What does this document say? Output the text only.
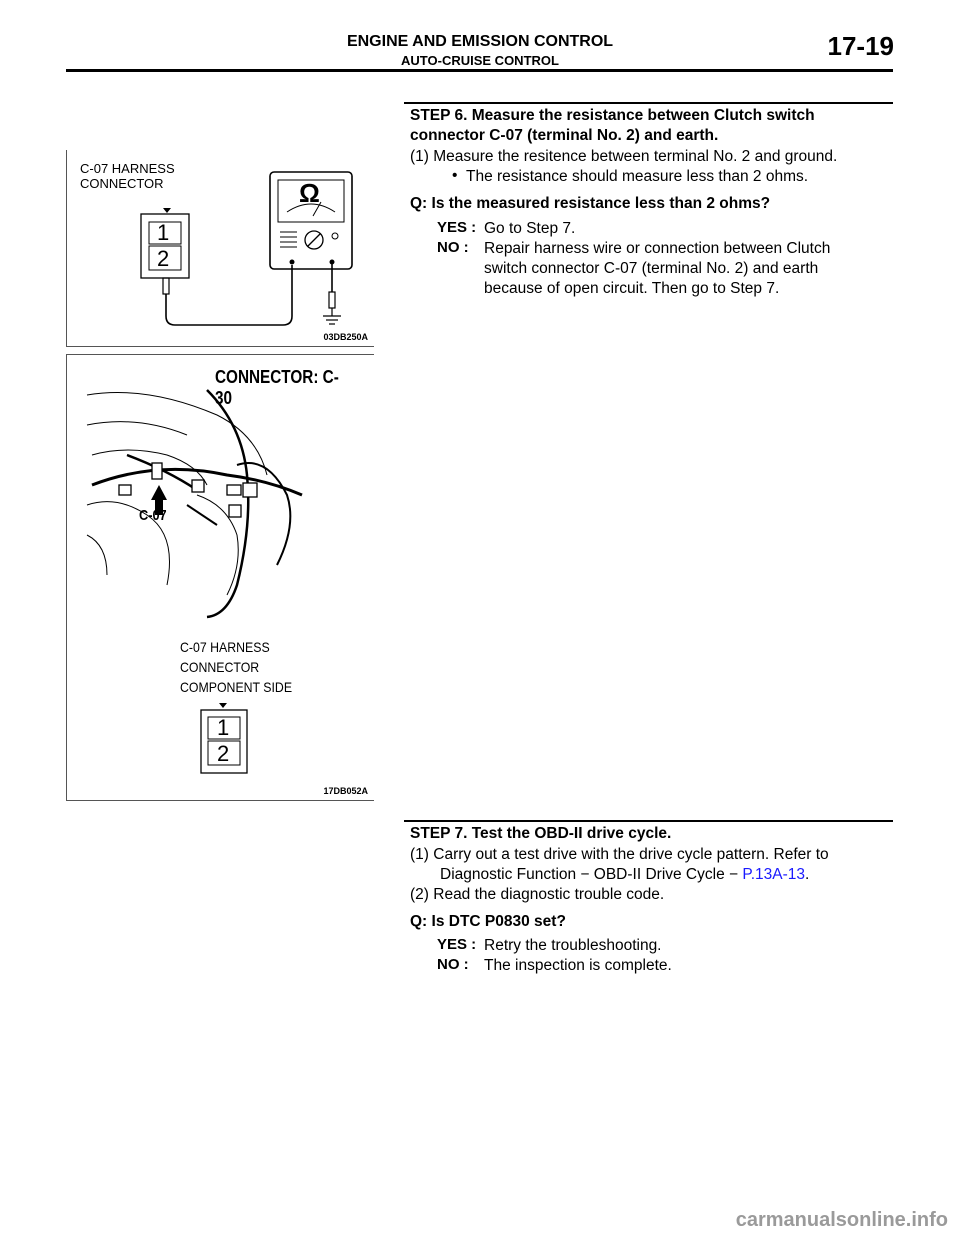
ENGINE AND EMISSION CONTROL
AUTO-CRUISE CONTROL	17-19
C-07 HARNESS
CONNECTOR
1
2
Ω
03DB250A
CONNECTOR: C-30
C-07
C-07 HARNESS
CONNECTOR
COMPONENT SIDE
1
2
17DB052A
STEP 6. Measure the resistance between Clutch switch
connector C-07 (terminal No. 2) and earth.
(1) Measure the resitence between terminal No. 2 and ground.
• The resistance should measure less than 2 ohms.
Q: Is the measured resistance less than 2 ohms?
YES : Go to Step 7.
NO : Repair harness wire or connection between Clutch
switch connector C-07 (terminal No. 2) and earth
because of open circuit. Then go to Step 7.
STEP 7. Test the OBD-II drive cycle.
(1) Carry out a test drive with the drive cycle pattern. Refer to
Diagnostic Function − OBD-II Drive Cycle − P.13A-13.
(2) Read the diagnostic trouble code.
Q: Is DTC P0830 set?
YES : Retry the troubleshooting.
NO : The inspection is complete.
carmanualsonline.info
